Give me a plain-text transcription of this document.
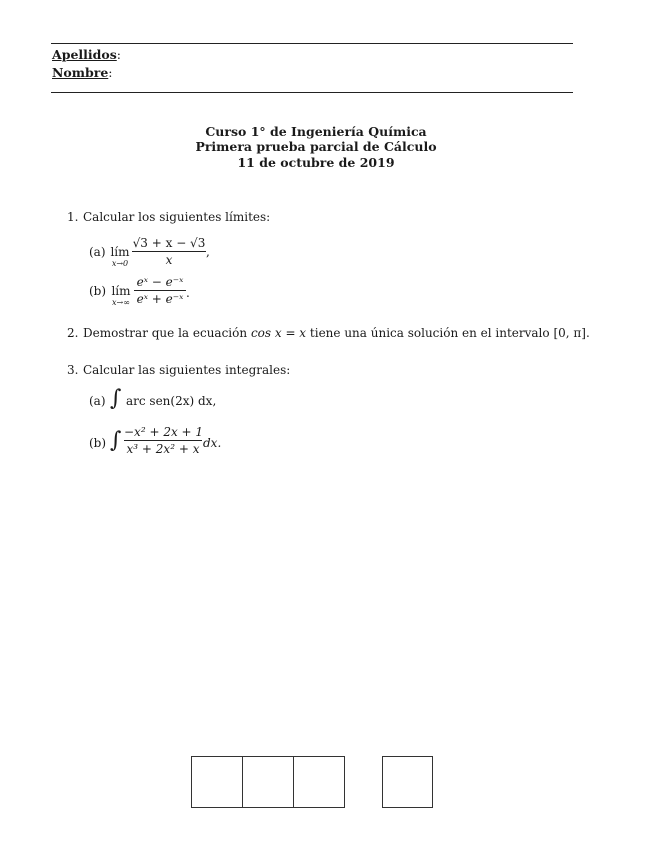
Apellidos:
Nombre:
Curso 1° de Ingeniería Química
Primera prueba parcial de Cálculo
11 de octubre de 2019
1. Calcular los siguientes límites:
(a) lím
x→0
√3 + x − √3
x
,
(b) lím
x→∞
eˣ − e⁻ˣ
eˣ + e⁻ˣ .
2. Demostrar que la ecuación cos x = x tiene una única solución en el intervalo [0, π].
3. Calcular las siguientes integrales:
(a) ∫ arc sen(2x) dx,
(b) ∫ −x² + 2x + 1
x³ + 2x² + x dx.
